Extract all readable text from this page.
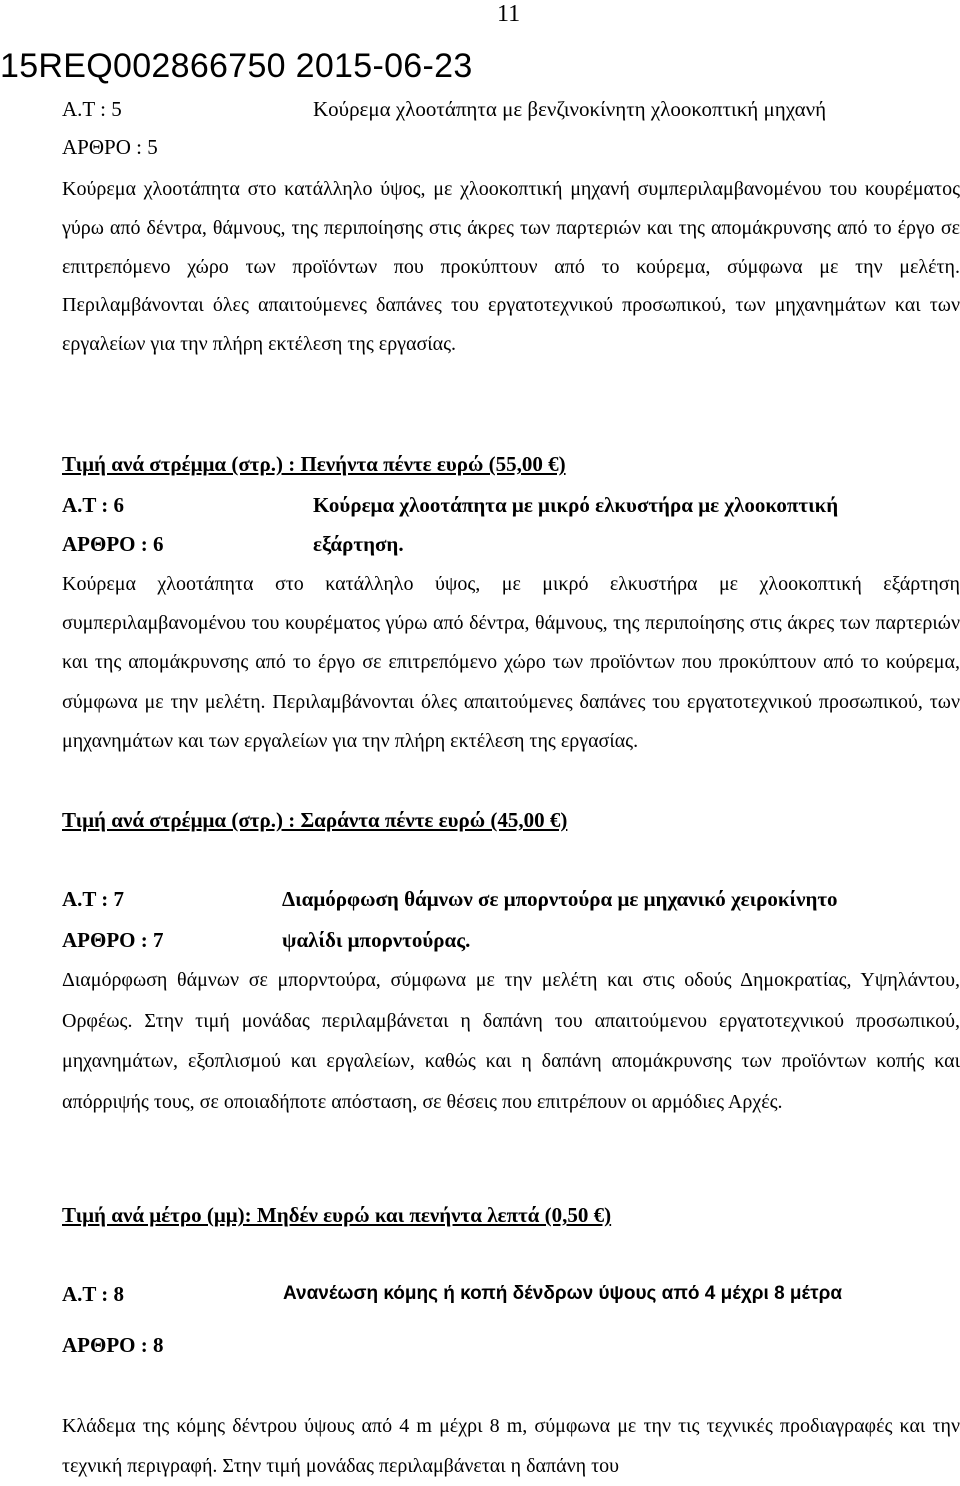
11
15REQ002866750 2015-06-23
Α.Τ : 5	Κούρεμα χλοοτάπητα με βενζινοκίνητη χλοοκοπτική μηχανή
ΑΡΘΡΟ : 5
Κούρεμα χλοοτάπητα στο κατάλληλο ύψος, με χλοοκοπτική μηχανή συμπεριλαμβανομένου του κουρέματος γύρω από δέντρα, θάμνους, της περιποίησης στις άκρες των παρτεριών και της απομάκρυνσης από το έργο σε επιτρεπόμενο χώρο των προϊόντων που προκύπτουν από το κούρεμα, σύμφωνα με την μελέτη. Περιλαμβάνονται όλες απαιτούμενες δαπάνες του εργατοτεχνικού προσωπικού, των μηχανημάτων και των εργαλείων για την πλήρη εκτέλεση της εργασίας.
Τιμή ανά στρέμμα (στρ.) : Πενήντα πέντε ευρώ (55,00 €)
Α.Τ : 6	Κούρεμα χλοοτάπητα με μικρό ελκυστήρα με χλοοκοπτική
ΑΡΘΡΟ : 6	εξάρτηση.
Κούρεμα χλοοτάπητα στο κατάλληλο ύψος, με μικρό ελκυστήρα με χλοοκοπτική εξάρτηση συμπεριλαμβανομένου του κουρέματος γύρω από δέντρα, θάμνους, της περιποίησης στις άκρες των παρτεριών και της απομάκρυνσης από το έργο σε επιτρεπόμενο χώρο των προϊόντων που προκύπτουν από το κούρεμα, σύμφωνα με την μελέτη. Περιλαμβάνονται όλες απαιτούμενες δαπάνες του εργατοτεχνικού προσωπικού, των μηχανημάτων και των εργαλείων για την πλήρη εκτέλεση της εργασίας.
Τιμή ανά στρέμμα (στρ.) : Σαράντα πέντε ευρώ (45,00 €)
Α.Τ : 7	Διαμόρφωση θάμνων σε μπορντούρα με μηχανικό χειροκίνητο
ΑΡΘΡΟ : 7	ψαλίδι μπορντούρας.
Διαμόρφωση θάμνων σε μπορντούρα, σύμφωνα με την μελέτη και στις οδούς Δημοκρατίας, Υψηλάντου, Ορφέως. Στην τιμή μονάδας περιλαμβάνεται η δαπάνη του απαιτούμενου εργατοτεχνικού προσωπικού, μηχανημάτων, εξοπλισμού και εργαλείων, καθώς και η δαπάνη απομάκρυνσης των προϊόντων κοπής και απόρριψής τους, σε οποιαδήποτε απόσταση, σε θέσεις που επιτρέπουν οι αρμόδιες Αρχές.
Τιμή ανά μέτρο (μμ): Μηδέν ευρώ και πενήντα λεπτά (0,50 €)
Α.Τ : 8	Ανανέωση κόμης ή κοπή δένδρων ύψους από 4 μέχρι 8 μέτρα
ΑΡΘΡΟ : 8
Κλάδεμα της κόμης δέντρου ύψους από 4 m μέχρι 8 m, σύμφωνα με την τις τεχνικές προδιαγραφές και την τεχνική περιγραφή. Στην τιμή μονάδας περιλαμβάνεται η δαπάνη του
